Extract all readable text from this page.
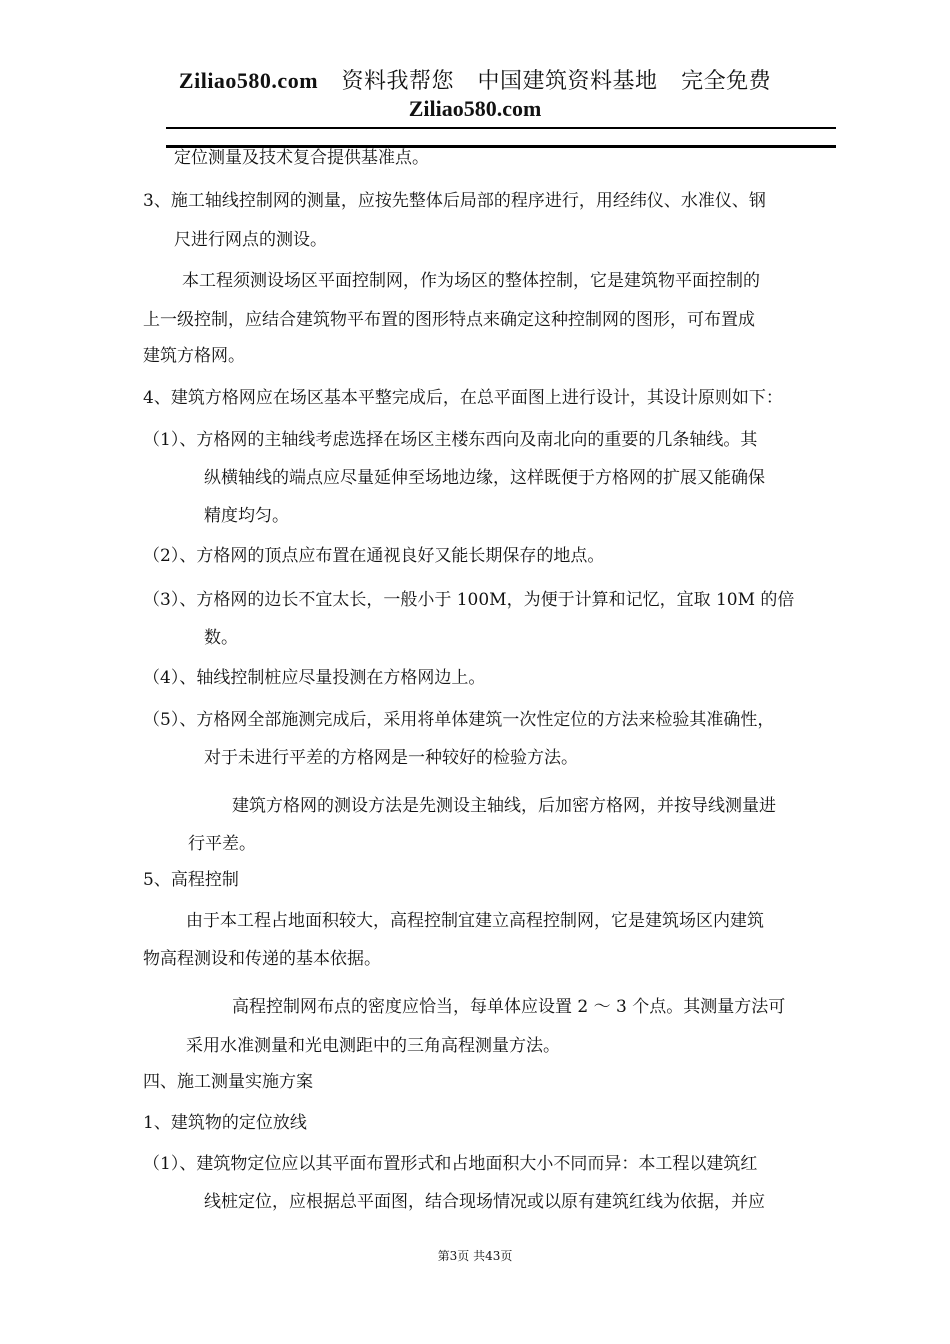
Ziliao580.com 资料我帮您 中国建筑资料基地 完全免费
Ziliao580.com
定位测量及技术复合提供基准点。
3、施工轴线控制网的测量，应按先整体后局部的程序进行，用经纬仪、水准仪、钢
尺进行网点的测设。
本工程须测设场区平面控制网，作为场区的整体控制，它是建筑物平面控制的
上一级控制，应结合建筑物平布置的图形特点来确定这种控制网的图形，可布置成
建筑方格网。
4、建筑方格网应在场区基本平整完成后，在总平面图上进行设计，其设计原则如下：
（1）、方格网的主轴线考虑选择在场区主楼东西向及南北向的重要的几条轴线。其
纵横轴线的端点应尽量延伸至场地边缘，这样既便于方格网的扩展又能确保
精度均匀。
（2）、方格网的顶点应布置在通视良好又能长期保存的地点。
（3）、方格网的边长不宜太长，一般小于 100M，为便于计算和记忆，宜取 10M 的倍
数。
（4）、轴线控制桩应尽量投测在方格网边上。
（5）、方格网全部施测完成后，采用将单体建筑一次性定位的方法来检验其准确性，
对于未进行平差的方格网是一种较好的检验方法。
建筑方格网的测设方法是先测设主轴线，后加密方格网，并按导线测量进
行平差。
5、高程控制
由于本工程占地面积较大，高程控制宜建立高程控制网，它是建筑场区内建筑
物高程测设和传递的基本依据。
高程控制网布点的密度应恰当，每单体应设置 2 ～ 3 个点。其测量方法可
采用水准测量和光电测距中的三角高程测量方法。
四、施工测量实施方案
1、建筑物的定位放线
（1）、建筑物定位应以其平面布置形式和占地面积大小不同而异：本工程以建筑红
线桩定位，应根据总平面图，结合现场情况或以原有建筑红线为依据，并应
第3页 共43页
